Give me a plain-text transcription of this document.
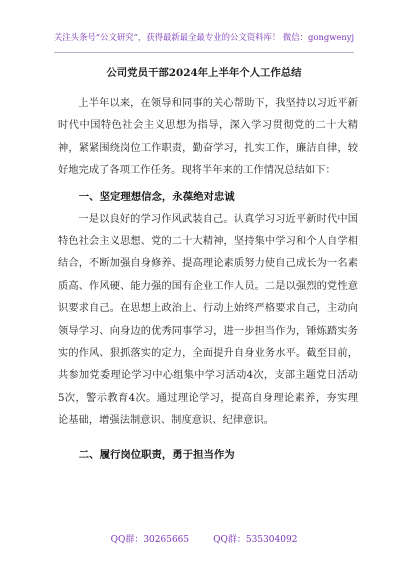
关注头条号“公文研究”，获得最新最全最专业的公文资料库！ 微信：gongwenyj
公司党员干部2024年上半年个人工作总结

上半年以来，在领导和同事的关心帮助下，我坚持以习近平新时代中国特色社会主义思想为指导，深入学习贯彻党的二十大精神，紧紧围绕岗位工作职责，勤奋学习，扎实工作，廉洁自律，较好地完成了各项工作任务。现将半年来的工作情况总结如下：

一、坚定理想信念，永葆绝对忠诚

一是以良好的学习作风武装自己。认真学习习近平新时代中国特色社会主义思想、党的二十大精神，坚持集中学习和个人自学相结合，不断加强自身修养、提高理论素质努力使自己成长为一名素质高、作风硬、能力强的国有企业工作人员。二是以强烈的党性意识要求自己。在思想上政治上、行动上始终严格要求自己，主动向领导学习、向身边的优秀同事学习，进一步担当作为，锤炼踏实务实的作风、狠抓落实的定力，全面提升自身业务水平。截至目前，共参加党委理论学习中心组集中学习活动4次，支部主题党日活动5次，警示教育4次。通过理论学习，提高自身理论素养，夯实理论基础，增强法制意识、制度意识、纪律意识。

二、履行岗位职责，勇于担当作为

QQ群：30265665	QQ群：535304092
